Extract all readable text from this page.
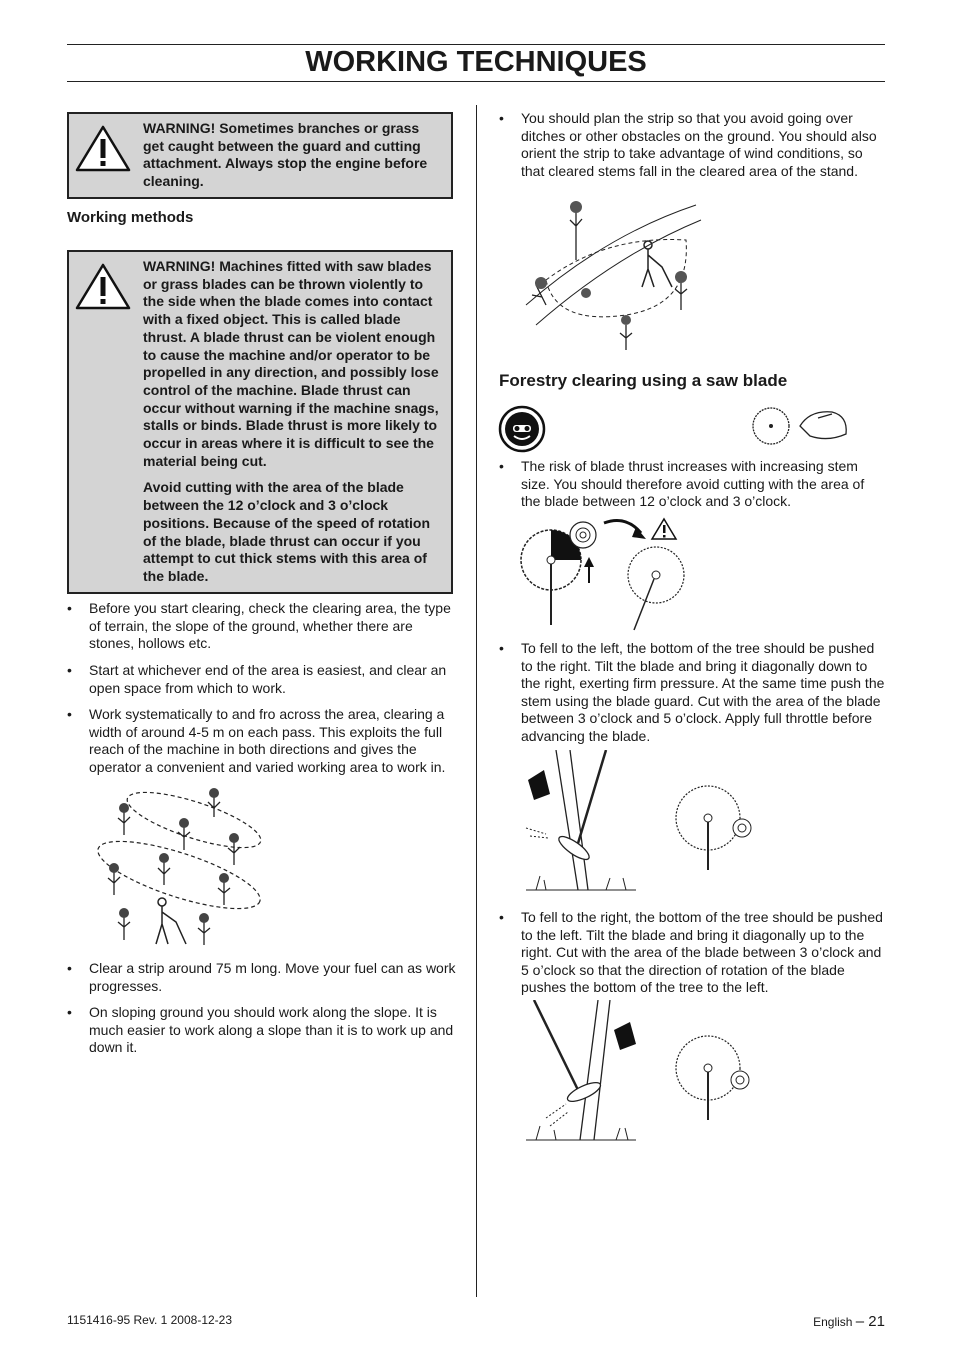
WORKING TECHNIQUES

WARNING! Sometimes branches or grass get caught between the guard and cutting attachment. Always stop the engine before cleaning.

Working methods

WARNING! Machines fitted with saw blades or grass blades can be thrown violently to the side when the blade comes into contact with a fixed object. This is called blade thrust. A blade thrust can be violent enough to cause the machine and/or operator to be propelled in any direction, and possibly lose control of the machine. Blade thrust can occur without warning if the machine snags, stalls or binds. Blade thrust is more likely to occur in areas where it is difficult to see the material being cut.

Avoid cutting with the area of the blade between the 12 o’clock and 3 o’clock positions. Because of the speed of rotation of the blade, blade thrust can occur if you attempt to cut thick stems with this area of the blade.

• Before you start clearing, check the clearing area, the type of terrain, the slope of the ground, whether there are stones, hollows etc.

• Start at whichever end of the area is easiest, and clear an open space from which to work.

• Work systematically to and fro across the area, clearing a width of around 4-5 m on each pass. This exploits the full reach of the machine in both directions and gives the operator a convenient and varied working area to work in.

• Clear a strip around 75 m long. Move your fuel can as work progresses.

• On sloping ground you should work along the slope. It is much easier to work along a slope than it is to work up and down it.

• You should plan the strip so that you avoid going over ditches or other obstacles on the ground. You should also orient the strip to take advantage of wind conditions, so that cleared stems fall in the cleared area of the stand.

Forestry clearing using a saw blade

• The risk of blade thrust increases with increasing stem size. You should therefore avoid cutting with the area of the blade between 12 o’clock and 3 o’clock.

• To fell to the left, the bottom of the tree should be pushed to the right. Tilt the blade and bring it diagonally down to the right, exerting firm pressure. At the same time push the stem using the blade guard. Cut with the area of the blade between 3 o’clock and 5 o’clock. Apply full throttle before advancing the blade.

• To fell to the right, the bottom of the tree should be pushed to the left. Tilt the blade and bring it diagonally up to the right. Cut with the area of the blade between 3 o’clock and 5 o’clock so that the direction of rotation of the blade pushes the bottom of the tree to the left.

1151416-95 Rev. 1 2008-12-23	English – 21
